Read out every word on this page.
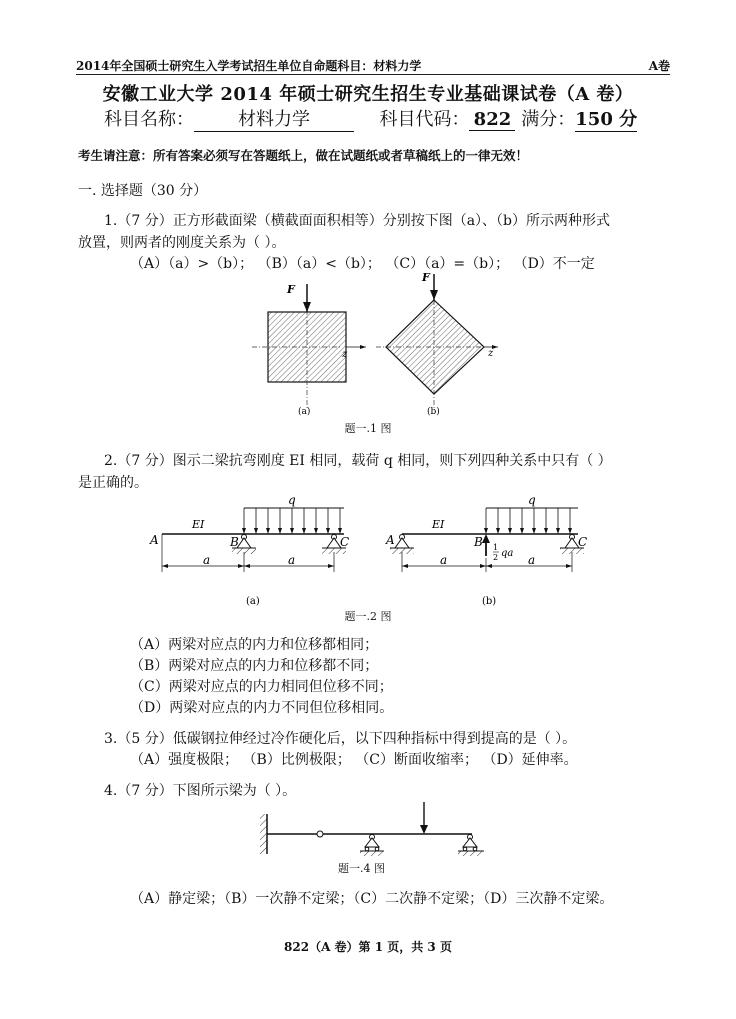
2014年全国硕士研究生入学考试招生单位自命题科目：材料力学	A卷
安徽工业大学 2014 年硕士研究生招生专业基础课试卷（A 卷）
科目名称： 材料力学	科目代码： 822 满分：150 分
考生请注意：所有答案必须写在答题纸上，做在试题纸或者草稿纸上的一律无效！
一. 选择题（30 分）
1.（7 分）正方形截面梁（横截面面积相等）分别按下图（a）、（b）所示两种形式
放置，则两者的刚度关系为（ ）。
（A）（a）>（b）； （B）（a）<（b）； （C）（a）=（b）； （D）不一定
F
z
(a)
F
z
(b)
题一.1 图
2.（7 分）图示二梁抗弯刚度 EI 相同，载荷 q 相同，则下列四种关系中只有（ ）
是正确的。
q
EI
A	B	C
a	a
(a)
q
EI
A	B	C
1
2 qa
a	a
(b)
题一.2 图
（A）两梁对应点的内力和位移都相同；
（B）两梁对应点的内力和位移都不同；
（C）两梁对应点的内力相同但位移不同；
（D）两梁对应点的内力不同但位移相同。
3.（5 分）低碳钢拉伸经过冷作硬化后，以下四种指标中得到提高的是（ ）。
（A）强度极限； （B）比例极限； （C）断面收缩率； （D）延伸率。
4.（7 分）下图所示梁为（ ）。
题一.4 图
（A）静定梁；（B）一次静不定梁；（C）二次静不定梁；（D）三次静不定梁。
822（A 卷）第 1 页，共 3 页
